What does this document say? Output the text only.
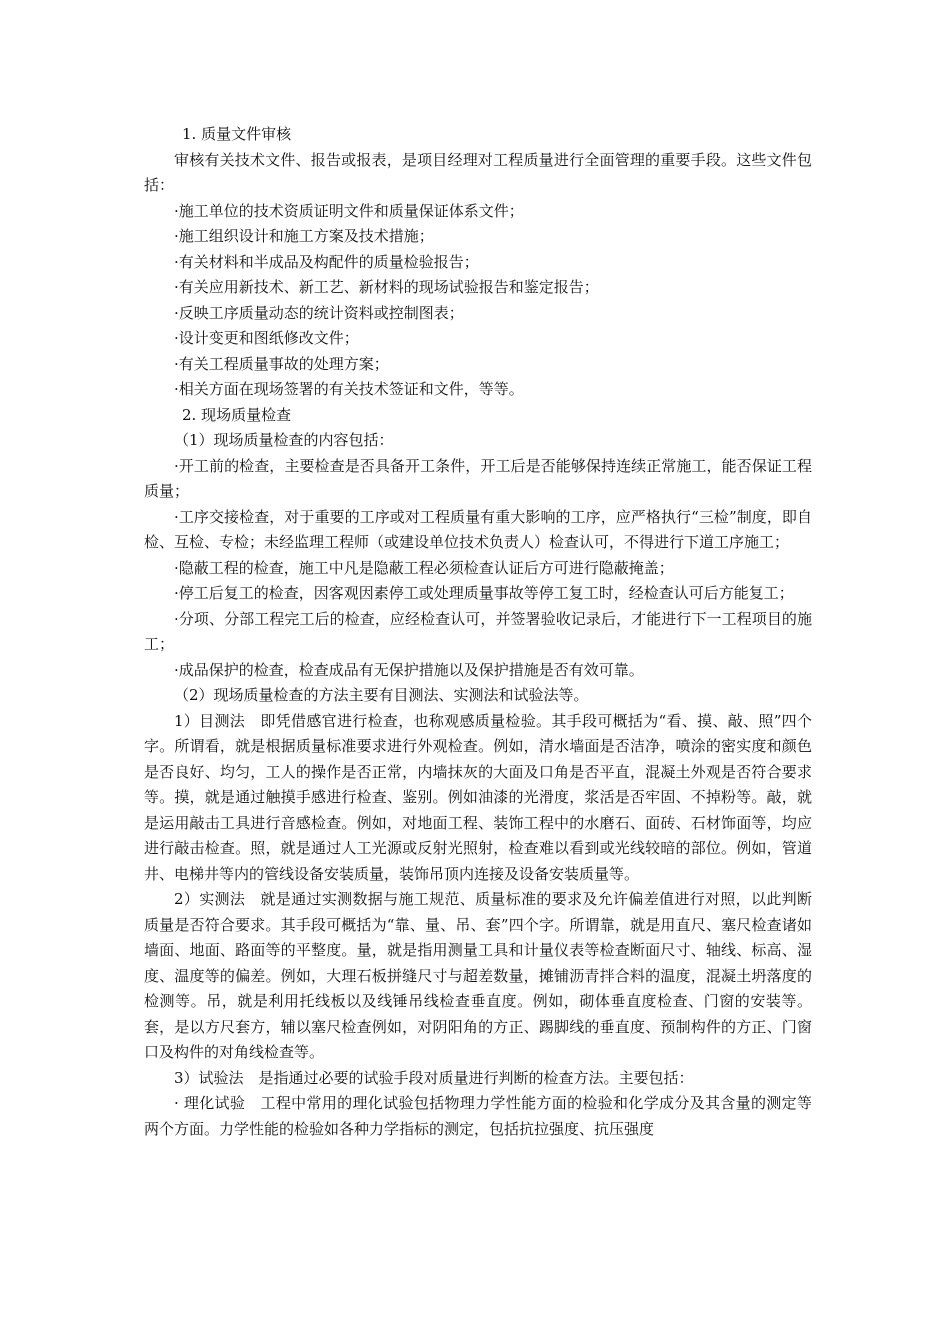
1. 质量文件审核

审核有关技术文件、报告或报表，是项目经理对工程质量进行全面管理的重要手段。这些文件包括：

·施工单位的技术资质证明文件和质量保证体系文件；

·施工组织设计和施工方案及技术措施；

·有关材料和半成品及构配件的质量检验报告；

·有关应用新技术、新工艺、新材料的现场试验报告和鉴定报告；

·反映工序质量动态的统计资料或控制图表；

·设计变更和图纸修改文件；

·有关工程质量事故的处理方案；

·相关方面在现场签署的有关技术签证和文件，等等。

2. 现场质量检查

（1）现场质量检查的内容包括：

·开工前的检查，主要检查是否具备开工条件，开工后是否能够保持连续正常施工，能否保证工程质量；

·工序交接检查，对于重要的工序或对工程质量有重大影响的工序，应严格执行“三检”制度，即自检、互检、专检；未经监理工程师（或建设单位技术负责人）检查认可，不得进行下道工序施工；

·隐蔽工程的检查，施工中凡是隐蔽工程必须检查认证后方可进行隐蔽掩盖；

·停工后复工的检查，因客观因素停工或处理质量事故等停工复工时，经检查认可后方能复工；

·分项、分部工程完工后的检查，应经检查认可，并签署验收记录后，才能进行下一工程项目的施工；

·成品保护的检查，检查成品有无保护措施以及保护措施是否有效可靠。

（2）现场质量检查的方法主要有目测法、实测法和试验法等。

1）目测法　即凭借感官进行检查，也称观感质量检验。其手段可概括为“看、摸、敲、照”四个字。所谓看，就是根据质量标准要求进行外观检查。例如，清水墙面是否洁净，喷涂的密实度和颜色是否良好、均匀，工人的操作是否正常，内墙抹灰的大面及口角是否平直，混凝土外观是否符合要求等。摸，就是通过触摸手感进行检查、鉴别。例如油漆的光滑度，浆活是否牢固、不掉粉等。敲，就是运用敲击工具进行音感检查。例如，对地面工程、装饰工程中的水磨石、面砖、石材饰面等，均应进行敲击检查。照，就是通过人工光源或反射光照射，检查难以看到或光线较暗的部位。例如，管道井、电梯井等内的管线设备安装质量，装饰吊顶内连接及设备安装质量等。

2）实测法　就是通过实测数据与施工规范、质量标准的要求及允许偏差值进行对照，以此判断质量是否符合要求。其手段可概括为“靠、量、吊、套”四个字。所谓靠，就是用直尺、塞尺检查诸如墙面、地面、路面等的平整度。量，就是指用测量工具和计量仪表等检查断面尺寸、轴线、标高、湿度、温度等的偏差。例如，大理石板拼缝尺寸与超差数量，摊铺沥青拌合料的温度，混凝土坍落度的检测等。吊，就是利用托线板以及线锤吊线检查垂直度。例如，砌体垂直度检查、门窗的安装等。套，是以方尺套方，辅以塞尺检查例如，对阴阳角的方正、踢脚线的垂直度、预制构件的方正、门窗口及构件的对角线检查等。

3）试验法　是指通过必要的试验手段对质量进行判断的检查方法。主要包括：

· 理化试验　工程中常用的理化试验包括物理力学性能方面的检验和化学成分及其含量的测定等两个方面。力学性能的检验如各种力学指标的测定，包括抗拉强度、抗压强度
